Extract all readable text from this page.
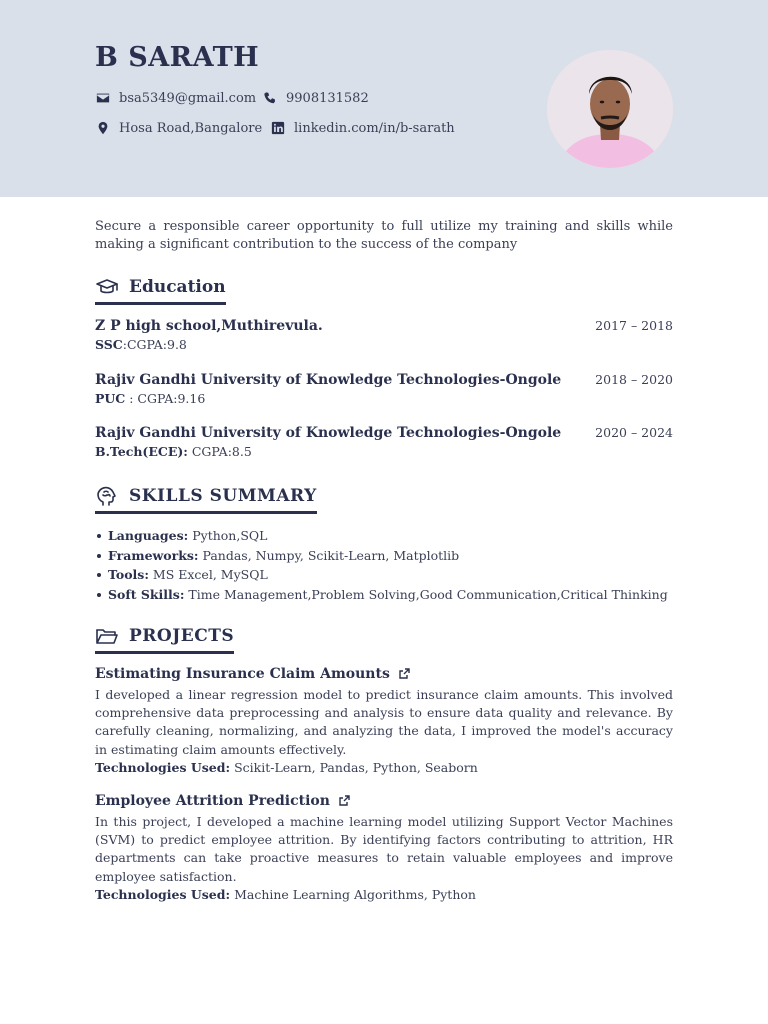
B SARATH
bsa5349@gmail.com 9908131582
Hosa Road,Bangalore linkedin.com/in/b-sarath
Secure a responsible career opportunity to full utilize my training and skills while making a significant contribution to the success of the company
Education
Z P high school,Muthirevula.	2017 – 2018
SSC:CGPA:9.8
Rajiv Gandhi University of Knowledge Technologies-Ongole	2018 – 2020
PUC : CGPA:9.16
Rajiv Gandhi University of Knowledge Technologies-Ongole	2020 – 2024
B.Tech(ECE): CGPA:8.5
SKILLS SUMMARY
Languages: Python,SQL
Frameworks: Pandas, Numpy, Scikit-Learn, Matplotlib
Tools: MS Excel, MySQL
Soft Skills: Time Management,Problem Solving,Good Communication,Critical Thinking
PROJECTS
Estimating Insurance Claim Amounts
I developed a linear regression model to predict insurance claim amounts. This involved comprehensive data preprocessing and analysis to ensure data quality and relevance. By carefully cleaning, normalizing, and analyzing the data, I improved the model's accuracy in estimating claim amounts effectively.
Technologies Used: Scikit-Learn, Pandas, Python, Seaborn
Employee Attrition Prediction
In this project, I developed a machine learning model utilizing Support Vector Machines (SVM) to predict employee attrition. By identifying factors contributing to attrition, HR departments can take proactive measures to retain valuable employees and improve employee satisfaction.
Technologies Used: Machine Learning Algorithms, Python
